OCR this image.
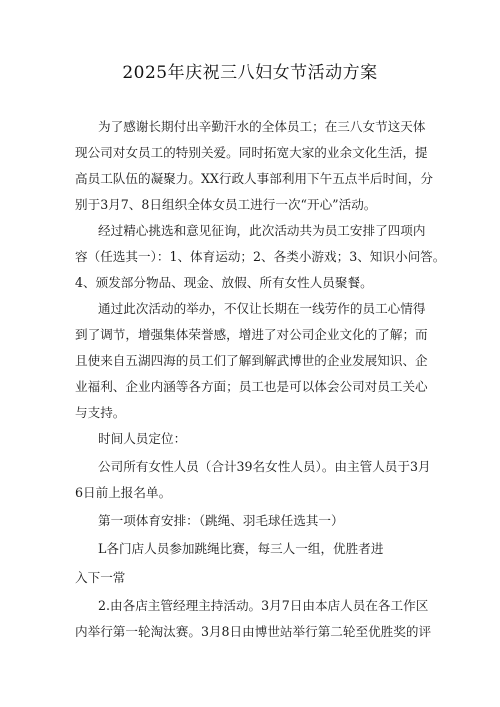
2025年庆祝三八妇女节活动方案
为了感谢长期付出辛勤汗水的全体员工；在三八女节这天体
现公司对女员工的特别关爱。同时拓宽大家的业余文化生活，提
高员工队伍的凝聚力。XX行政人事部利用下午五点半后时间，分
别于3月7、8日组织全体女员工进行一次“开心”活动。
经过精心挑选和意见征询，此次活动共为员工安排了四项内
容（任选其一）：1、体育运动；2、各类小游戏；3、知识小问答。
4、颁发部分物品、现金、放假、所有女性人员聚餐。
通过此次活动的举办，不仅让长期在一线劳作的员工心情得
到了调节，增强集体荣誉感，增进了对公司企业文化的了解；而
且使来自五湖四海的员工们了解到解武博世的企业发展知识、企
业福利、企业内涵等各方面；员工也是可以体会公司对员工关心
与支持。
时间人员定位：
公司所有女性人员（合计39名女性人员）。由主管人员于3月
6日前上报名单。
第一项体育安排：（跳绳、羽毛球任选其一）
L各门店人员参加跳绳比赛，每三人一组，优胜者进
入下一常
2.由各店主管经理主持活动。3月7日由本店人员在各工作区
内举行第一轮淘汰赛。3月8日由博世站举行第二轮至优胜奖的评
